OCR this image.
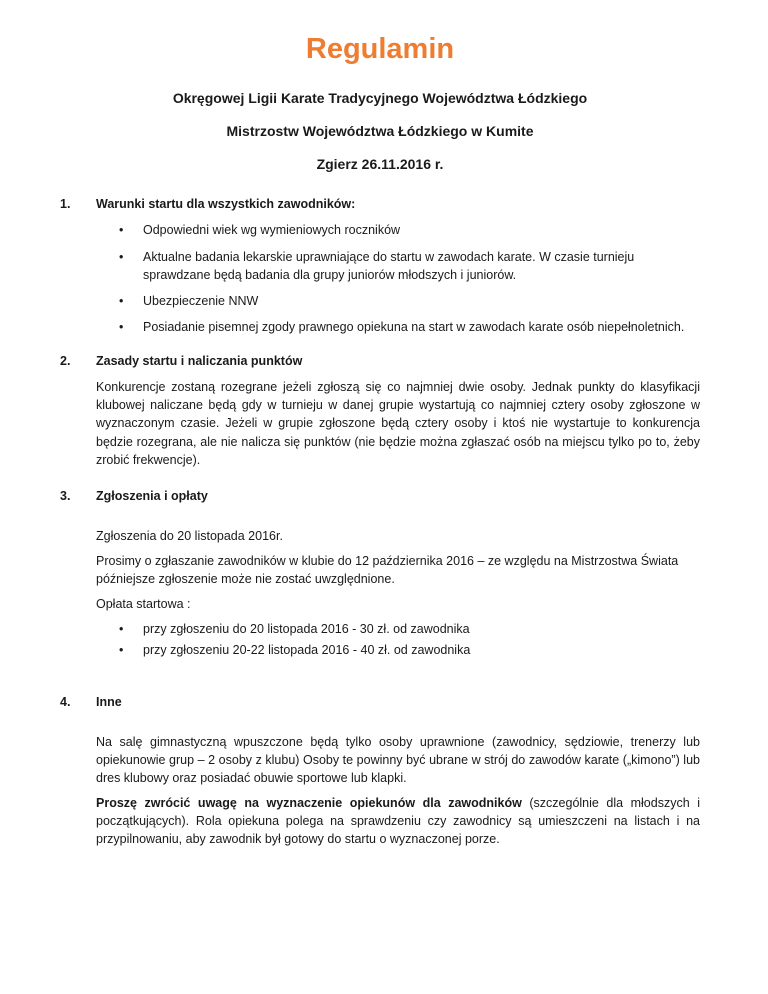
Regulamin
Okręgowej Ligii Karate Tradycyjnego Województwa Łódzkiego
Mistrzostw Województwa Łódzkiego w Kumite
Zgierz 26.11.2016 r.
1.	Warunki startu dla wszystkich zawodników:
• Odpowiedni wiek wg wymieniowych roczników
• Aktualne badania lekarskie uprawniające do startu w zawodach karate. W czasie turnieju sprawdzane będą badania dla grupy juniorów młodszych i juniorów.
• Ubezpieczenie NNW
• Posiadanie pisemnej zgody prawnego opiekuna na start w zawodach karate osób niepełnoletnich.
2.	Zasady startu i naliczania punktów

Konkurencje zostaną rozegrane jeżeli zgłoszą się co najmniej dwie osoby. Jednak punkty do klasyfikacji klubowej naliczane będą gdy w turnieju w danej grupie wystartują co najmniej cztery osoby zgłoszone w wyznaczonym czasie. Jeżeli w grupie zgłoszone będą cztery osoby i ktoś nie wystartuje to konkurencja będzie rozegrana, ale nie nalicza się punktów (nie będzie można zgłaszać osób na miejscu tylko po to, żeby zrobić frekwencje).

3.	Zgłoszenia i opłaty

Zgłoszenia do 20 listopada 2016r.

Prosimy o zgłaszanie zawodników w klubie do 12 października 2016 – ze względu na Mistrzostwa Świata późniejsze zgłoszenie może nie zostać uwzględnione.

Opłata startowa :

• przy zgłoszeniu do 20 listopada 2016 - 30 zł. od zawodnika
• przy zgłoszeniu 20-22 listopada 2016 - 40 zł. od zawodnika
4.	Inne

Na salę gimnastyczną wpuszczone będą tylko osoby uprawnione (zawodnicy, sędziowie, trenerzy lub opiekunowie grup – 2 osoby z klubu) Osoby te powinny być ubrane w strój do zawodów karate („kimono”) lub dres klubowy oraz posiadać obuwie sportowe lub klapki.

Proszę zwrócić uwagę na wyznaczenie opiekunów dla zawodników (szczególnie dla młodszych i początkujących). Rola opiekuna polega na sprawdzeniu czy zawodnicy są umieszczeni na listach i na przypilnowaniu, aby zawodnik był gotowy do startu o wyznaczonej porze.
